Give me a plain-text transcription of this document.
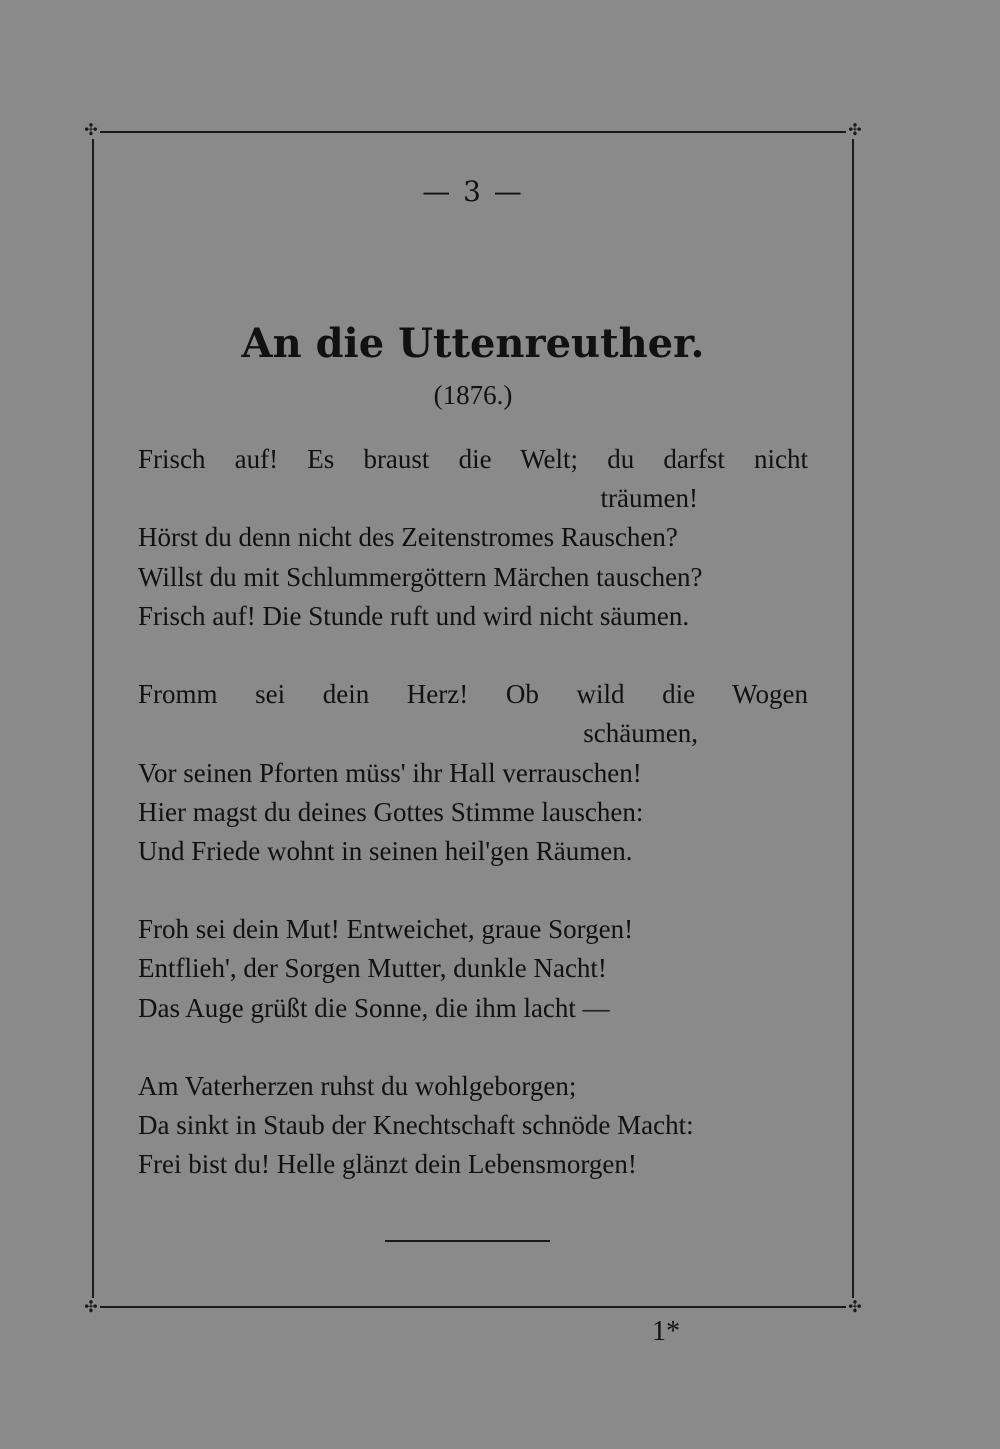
✣	✣
✣	✣
— 3 —
An die Uttenreuther.
(1876.)
Frisch auf! Es braust die Welt; du darfst nicht
träumen!
Hörst du denn nicht des Zeitenstromes Rauschen?
Willst du mit Schlummergöttern Märchen tauschen?
Frisch auf! Die Stunde ruft und wird nicht säumen.
Fromm sei dein Herz! Ob wild die Wogen
schäumen,
Vor seinen Pforten müss' ihr Hall verrauschen!
Hier magst du deines Gottes Stimme lauschen:
Und Friede wohnt in seinen heil'gen Räumen.
Froh sei dein Mut! Entweichet, graue Sorgen!
Entflieh', der Sorgen Mutter, dunkle Nacht!
Das Auge grüßt die Sonne, die ihm lacht —
Am Vaterherzen ruhst du wohlgeborgen;
Da sinkt in Staub der Knechtschaft schnöde Macht:
Frei bist du! Helle glänzt dein Lebensmorgen!
1*
